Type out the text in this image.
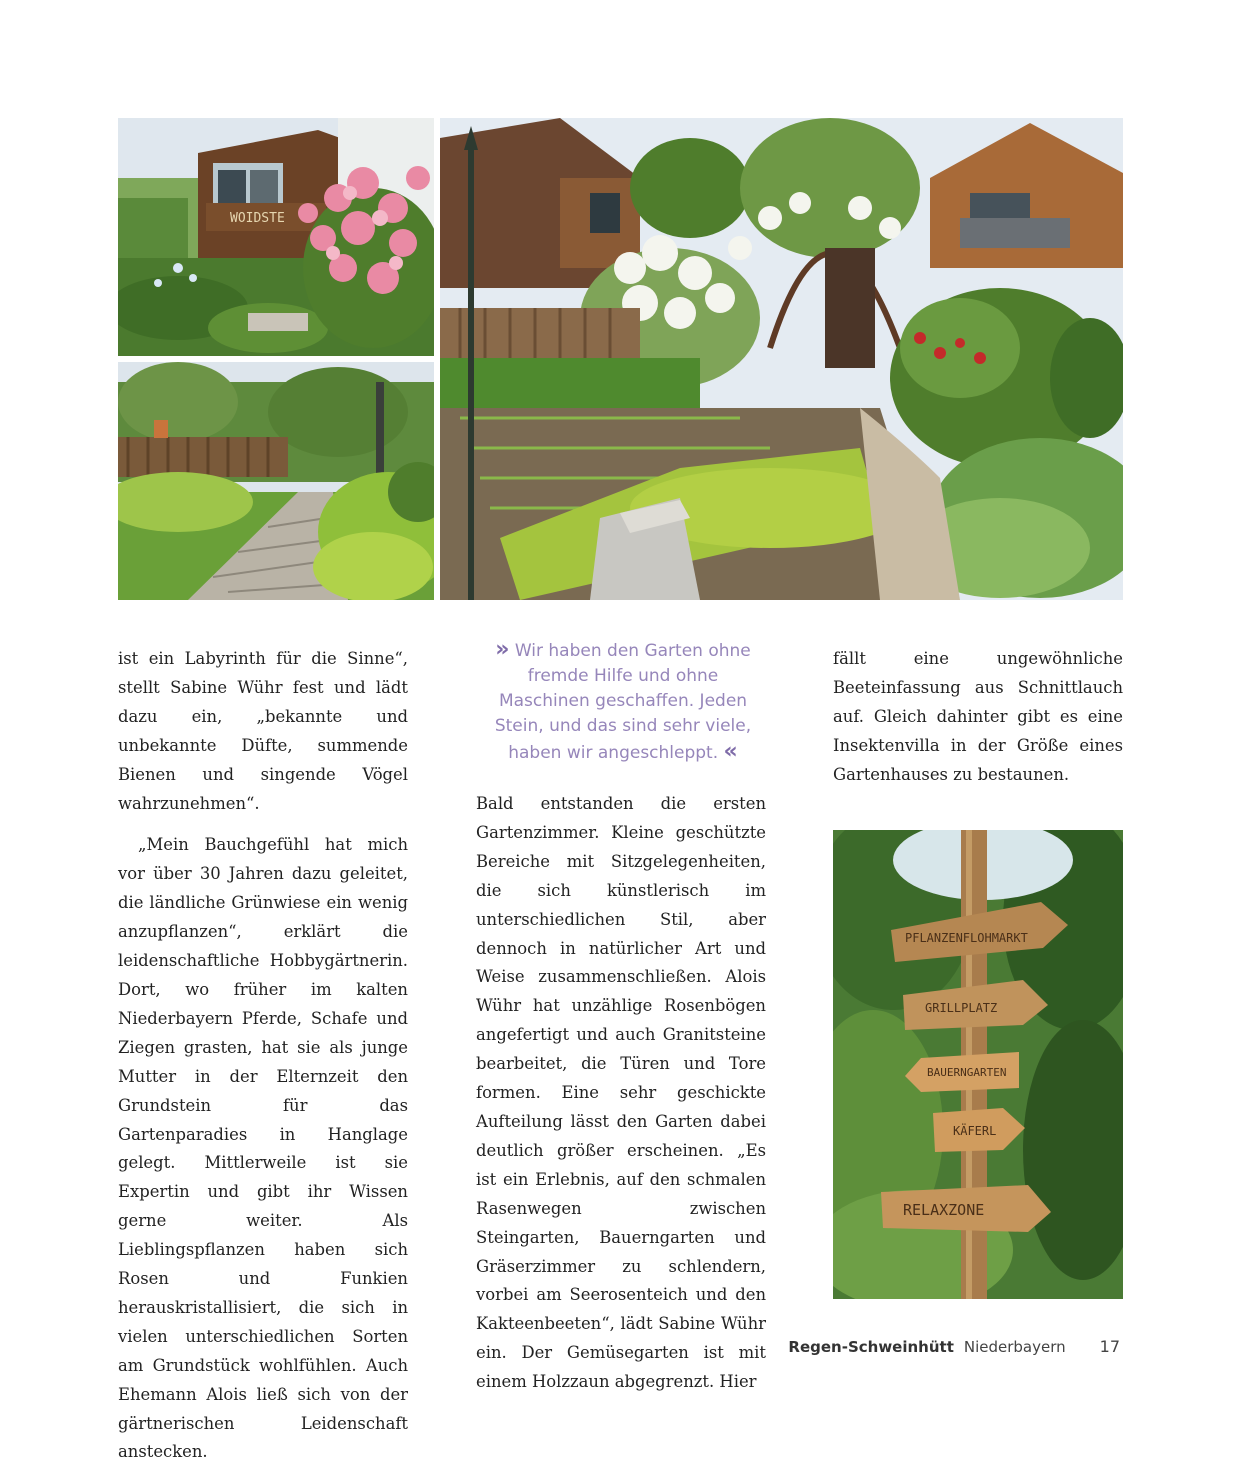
WOIDSTE

ist ein Labyrinth für die Sinne“, stellt Sabine Wühr fest und lädt dazu ein, „bekannte und unbekannte Düfte, summende Bienen und singende Vögel wahrzunehmen“.

„Mein Bauchgefühl hat mich vor über 30 Jahren dazu geleitet, die ländliche Grünwiese ein wenig anzupflanzen“, erklärt die leidenschaftliche Hobbygärtnerin. Dort, wo früher im kalten Niederbayern Pferde, Schafe und Ziegen grasten, hat sie als junge Mutter in der Elternzeit den Grundstein für das Gartenparadies in Hanglage gelegt. Mittlerweile ist sie Expertin und gibt ihr Wissen gerne weiter. Als Lieblingspflanzen haben sich Rosen und Funkien herauskristallisiert, die sich in vielen unterschiedlichen Sorten am Grundstück wohlfühlen. Auch Ehemann Alois ließ sich von der gärtnerischen Leidenschaft anstecken.

» Wir haben den Garten ohne fremde Hilfe und ohne Maschinen geschaffen. Jeden Stein, und das sind sehr viele, haben wir angeschleppt. «

Bald entstanden die ersten Gartenzimmer. Kleine geschützte Bereiche mit Sitzgelegenheiten, die sich künstlerisch im unterschiedlichen Stil, aber dennoch in natürlicher Art und Weise zusammenschließen. Alois Wühr hat unzählige Rosenbögen angefertigt und auch Granitsteine bearbeitet, die Türen und Tore formen. Eine sehr geschickte Aufteilung lässt den Garten dabei deutlich größer erscheinen. „Es ist ein Erlebnis, auf den schmalen Rasenwegen zwischen Steingarten, Bauerngarten und Gräserzimmer zu schlendern, vorbei am Seerosenteich und den Kakteenbeeten“, lädt Sabine Wühr ein. Der Gemüsegarten ist mit einem Holzzaun abgegrenzt. Hier

fällt eine ungewöhnliche Beeteinfassung aus Schnittlauch auf. Gleich dahinter gibt es eine Insektenvilla in der Größe eines Gartenhauses zu bestaunen.

PFLANZENFLOHMARKT
GRILLPLATZ
BAUERNGARTEN
KÄFERL
RELAXZONE
Regen-Schweinhütt Niederbayern 17
